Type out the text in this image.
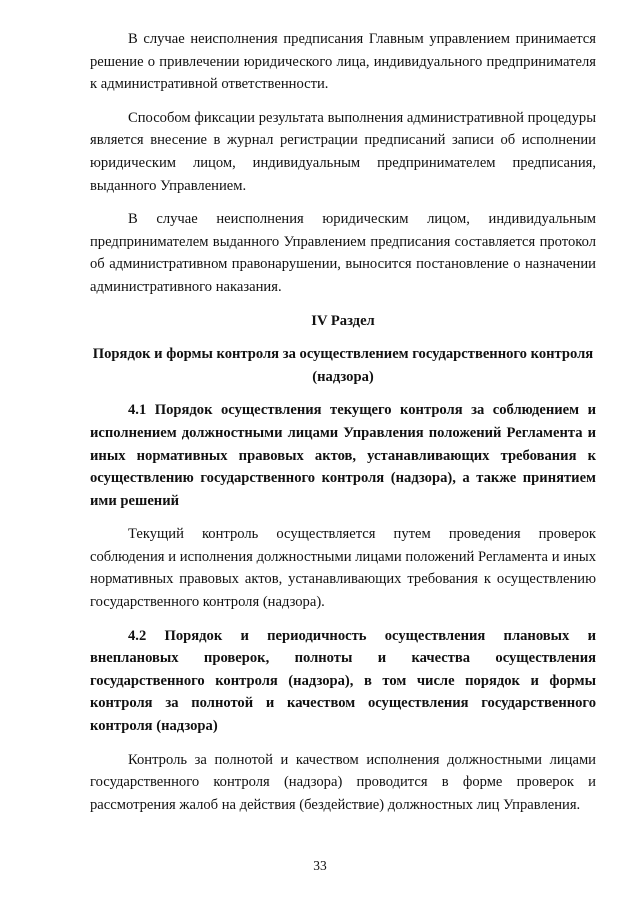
В случае неисполнения предписания Главным управлением принимается решение о привлечении юридического лица, индивидуального предпринимателя к административной ответственности.

Способом фиксации результата выполнения административной процедуры является внесение в журнал регистрации предписаний записи об исполнении юридическим лицом, индивидуальным предпринимателем предписания, выданного Управлением.

В случае неисполнения юридическим лицом, индивидуальным предпринимателем выданного Управлением предписания составляется протокол об административном правонарушении, выносится постановление о назначении административного наказания.

IV Раздел
Порядок и формы контроля за осуществлением государственного контроля (надзора)

4.1 Порядок осуществления текущего контроля за соблюдением и исполнением должностными лицами Управления положений Регламента и иных нормативных правовых актов, устанавливающих требования к осуществлению государственного контроля (надзора), а также принятием ими решений

Текущий контроль осуществляется путем проведения проверок соблюдения и исполнения должностными лицами положений Регламента и иных нормативных правовых актов, устанавливающих требования к осуществлению государственного контроля (надзора).

4.2 Порядок и периодичность осуществления плановых и внеплановых проверок, полноты и качества осуществления государственного контроля (надзора), в том числе порядок и формы контроля за полнотой и качеством осуществления государственного контроля (надзора)

Контроль за полнотой и качеством исполнения должностными лицами государственного контроля (надзора) проводится в форме проверок и рассмотрения жалоб на действия (бездействие) должностных лиц Управления.

33
